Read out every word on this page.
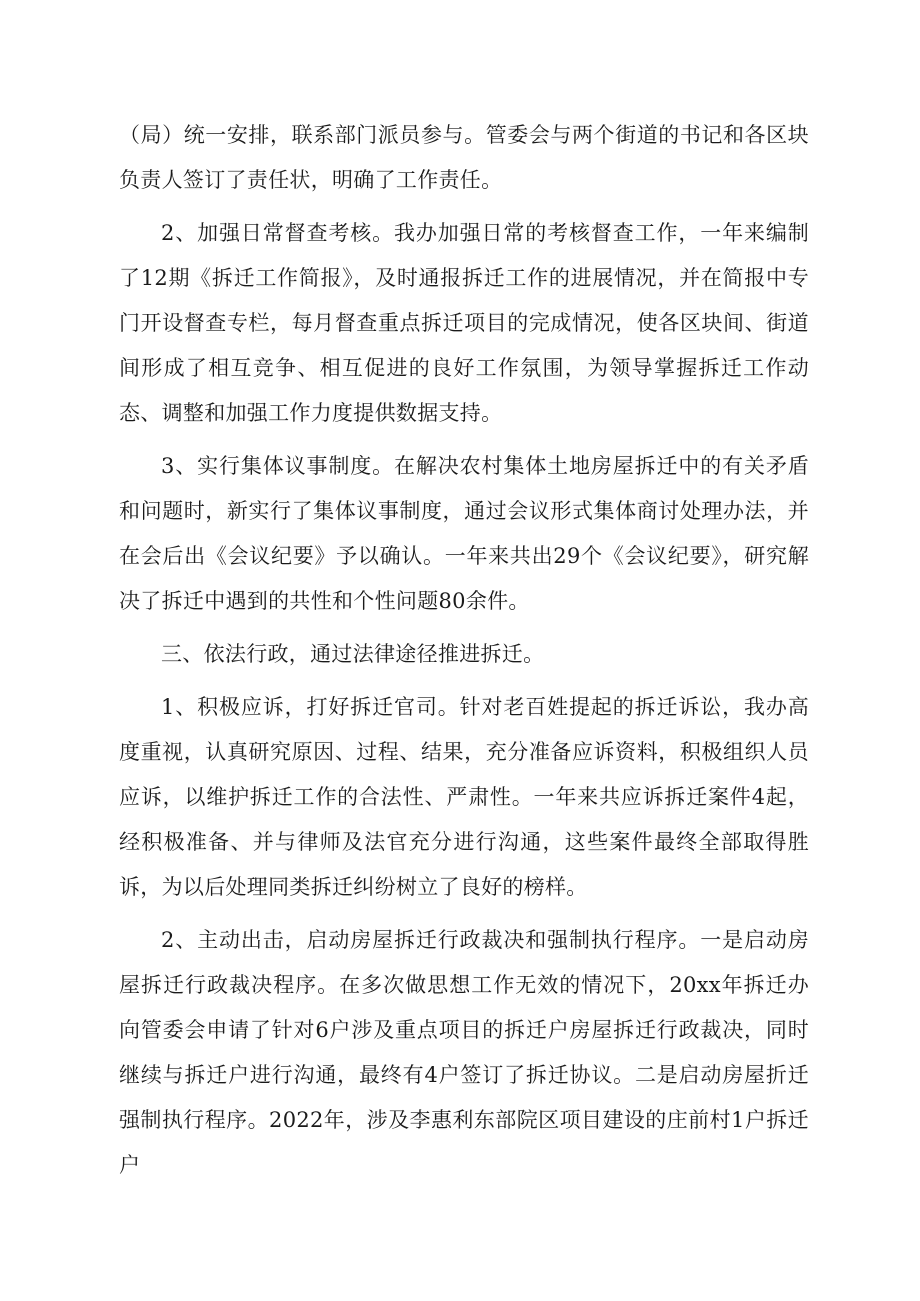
（局）统一安排，联系部门派员参与。管委会与两个街道的书记和各区块负责人签订了责任状，明确了工作责任。

2、加强日常督查考核。我办加强日常的考核督查工作，一年来编制了12期《拆迁工作简报》，及时通报拆迁工作的进展情况，并在简报中专门开设督查专栏，每月督查重点拆迁项目的完成情况，使各区块间、街道间形成了相互竞争、相互促进的良好工作氛围，为领导掌握拆迁工作动态、调整和加强工作力度提供数据支持。

3、实行集体议事制度。在解决农村集体土地房屋拆迁中的有关矛盾和问题时，新实行了集体议事制度，通过会议形式集体商讨处理办法，并在会后出《会议纪要》予以确认。一年来共出29个《会议纪要》，研究解决了拆迁中遇到的共性和个性问题80余件。

三、依法行政，通过法律途径推进拆迁。

1、积极应诉，打好拆迁官司。针对老百姓提起的拆迁诉讼，我办高度重视，认真研究原因、过程、结果，充分准备应诉资料，积极组织人员应诉，以维护拆迁工作的合法性、严肃性。一年来共应诉拆迁案件4起，经积极准备、并与律师及法官充分进行沟通，这些案件最终全部取得胜诉，为以后处理同类拆迁纠纷树立了良好的榜样。

2、主动出击，启动房屋拆迁行政裁决和强制执行程序。一是启动房屋拆迁行政裁决程序。在多次做思想工作无效的情况下，20xx年拆迁办向管委会申请了针对6户涉及重点项目的拆迁户房屋拆迁行政裁决，同时继续与拆迁户进行沟通，最终有4户签订了拆迁协议。二是启动房屋折迁强制执行程序。2022年，涉及李惠利东部院区项目建设的庄前村1户拆迁户
